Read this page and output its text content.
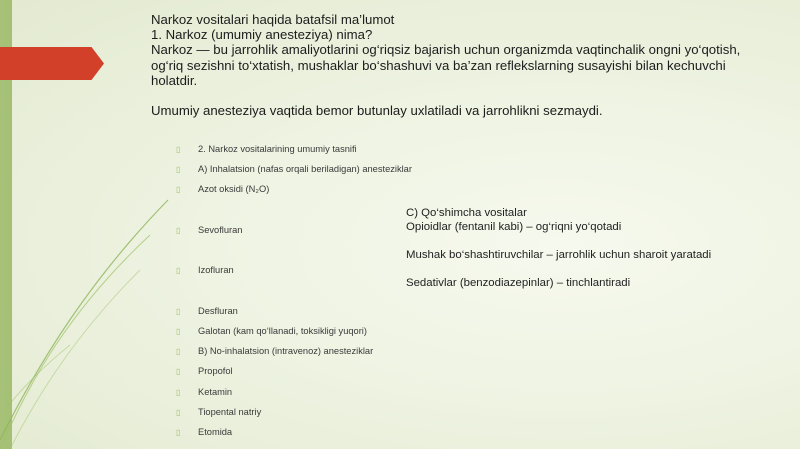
Narkoz vositalari haqida batafsil ma’lumot

1. Narkoz (umumiy anesteziya) nima?

Narkoz — bu jarrohlik amaliyotlarini og‘riqsiz bajarish uchun organizmda vaqtinchalik ongni yo‘qotish, og‘riq sezishni to‘xtatish, mushaklar bo‘shashuvi va ba’zan reflekslarning susayishi bilan kechuvchi holatdir.

Umumiy anesteziya vaqtida bemor butunlay uxlatiladi va jarrohlikni sezmaydi.

▯ 2. Narkoz vositalarining umumiy tasnifi
▯ A) Inhalatsion (nafas orqali beriladigan) anesteziklar
▯ Azot oksidi (N₂O)
▯ Sevofluran
▯ Izofluran
▯ Desfluran
▯ Galotan (kam qo‘llanadi, toksikligi yuqori)
▯ B) No-inhalatsion (intravenoz) anesteziklar
▯ Propofol
▯ Ketamin
▯ Tiopental natriy
▯ Etomida
C) Qo‘shimcha vositalar
Opioidlar (fentanil kabi) – og‘riqni yo‘qotadi
Mushak bo‘shashtiruvchilar – jarrohlik uchun sharoit yaratadi
Sedativlar (benzodiazepinlar) – tinchlantiradi
